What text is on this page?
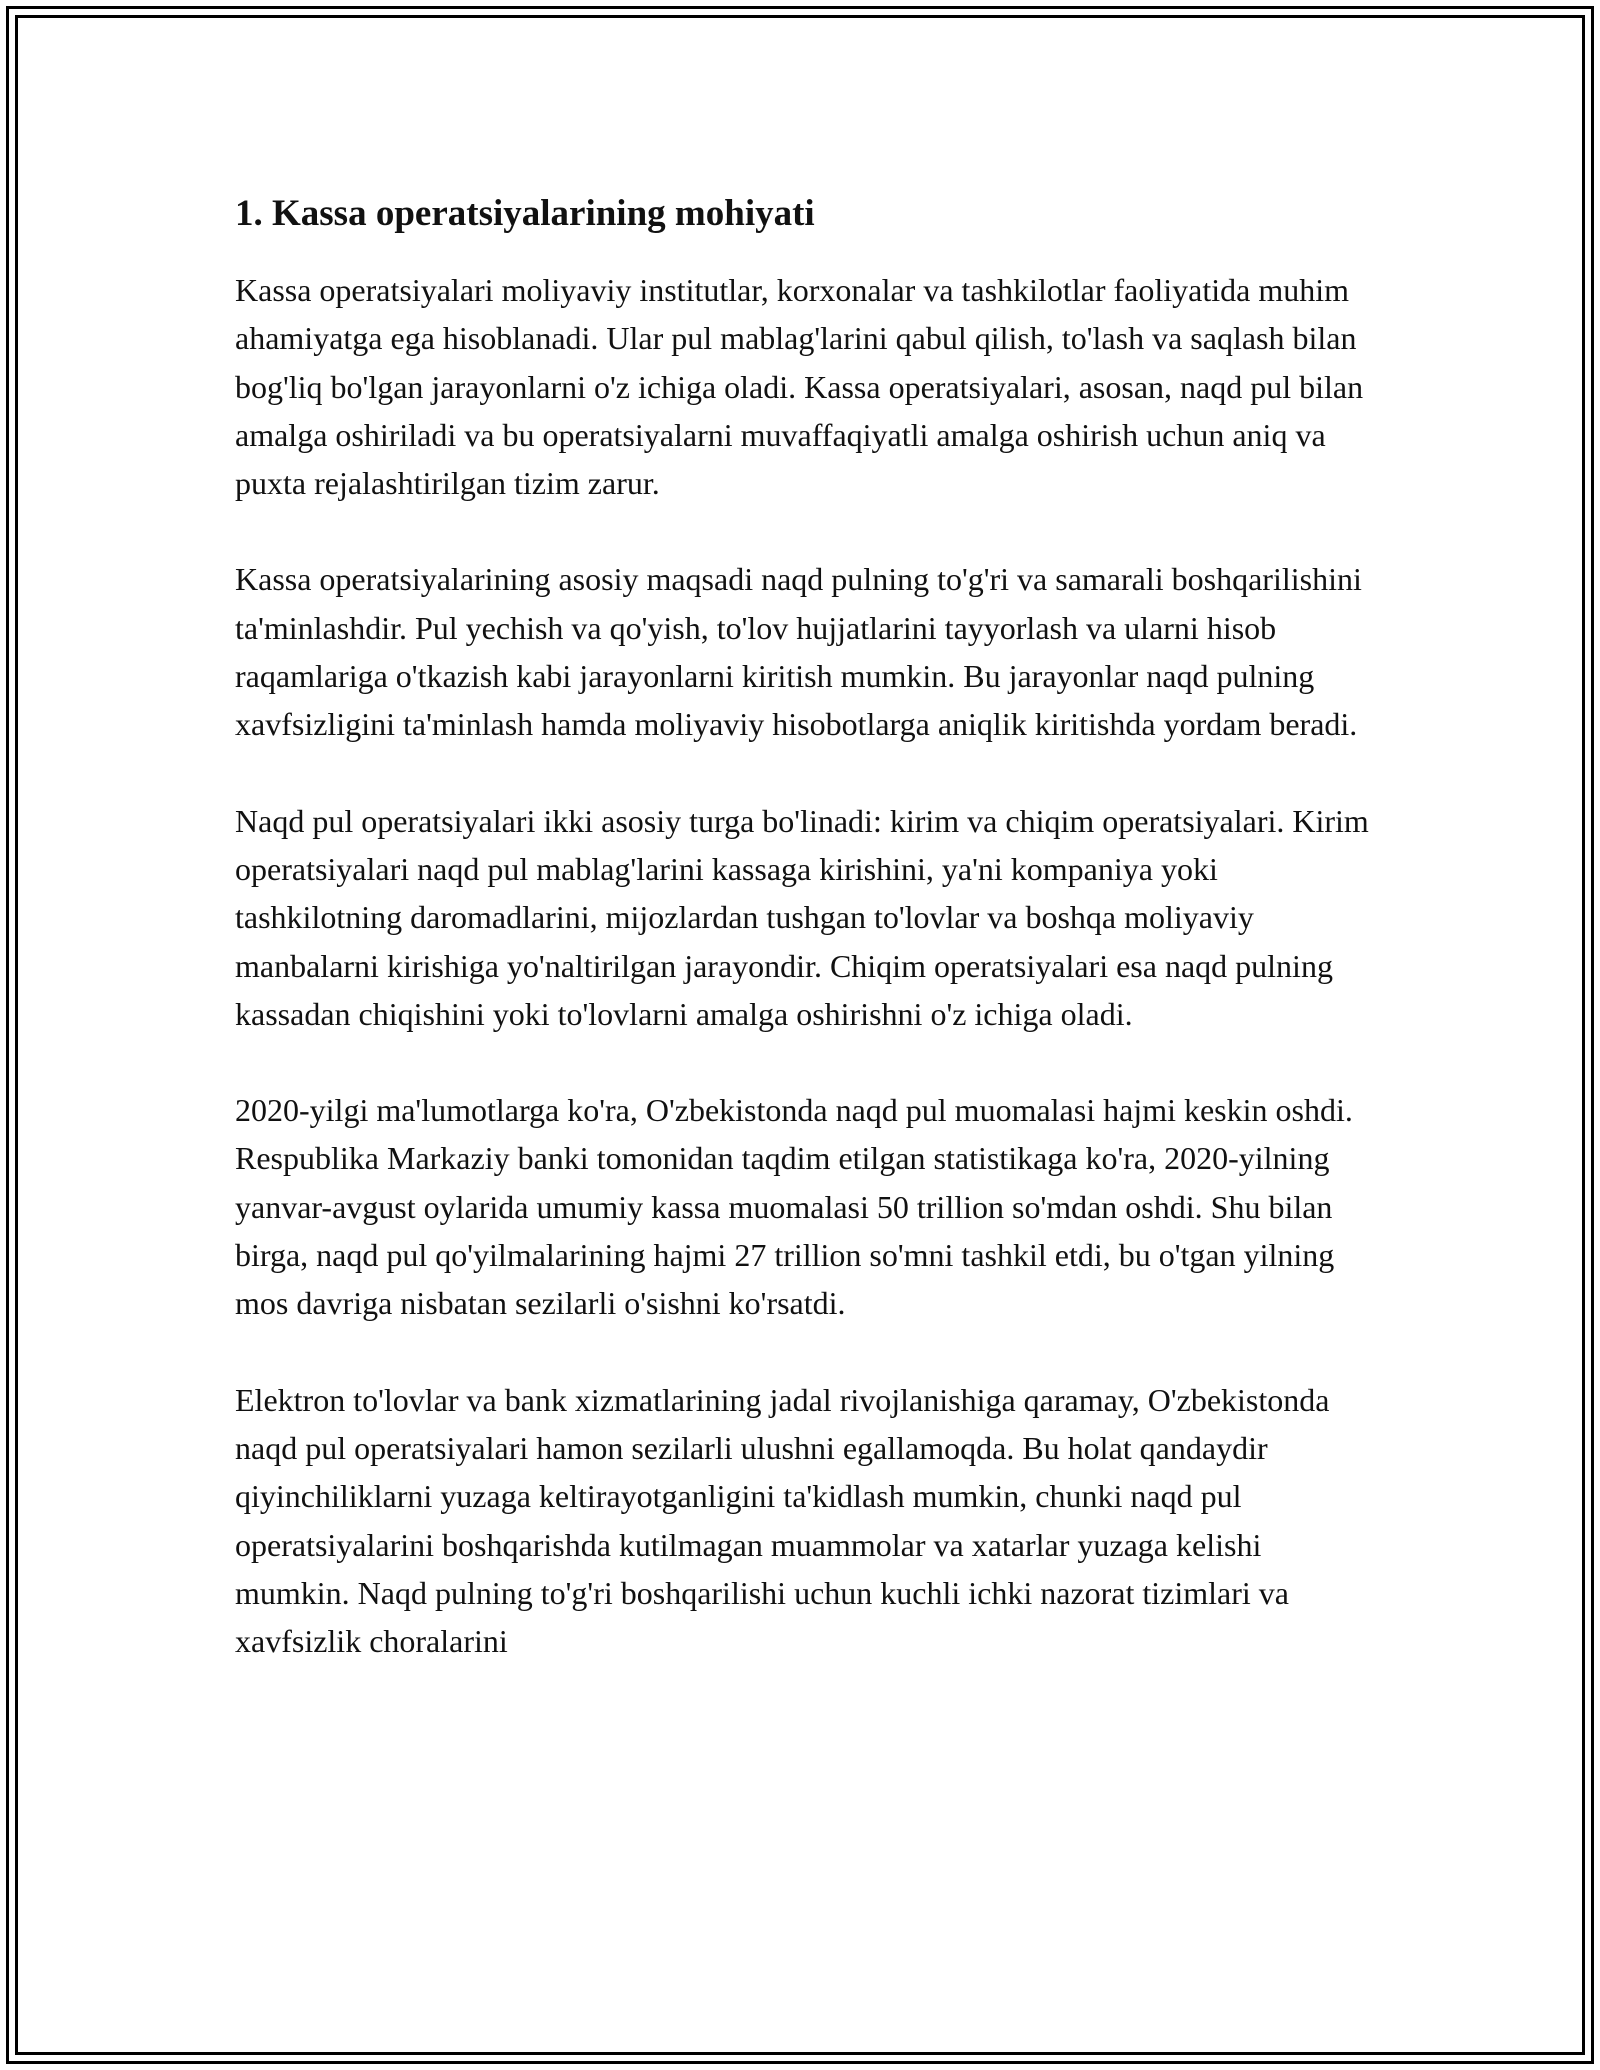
1. Kassa operatsiyalarining mohiyati

Kassa operatsiyalari moliyaviy institutlar, korxonalar va tashkilotlar faoliyatida muhim ahamiyatga ega hisoblanadi. Ular pul mablag'larini qabul qilish, to'lash va saqlash bilan bog'liq bo'lgan jarayonlarni o'z ichiga oladi. Kassa operatsiyalari, asosan, naqd pul bilan amalga oshiriladi va bu operatsiyalarni muvaffaqiyatli amalga oshirish uchun aniq va puxta rejalashtirilgan tizim zarur.

Kassa operatsiyalarining asosiy maqsadi naqd pulning to'g'ri va samarali boshqarilishini ta'minlashdir. Pul yechish va qo'yish, to'lov hujjatlarini tayyorlash va ularni hisob raqamlariga o'tkazish kabi jarayonlarni kiritish mumkin. Bu jarayonlar naqd pulning xavfsizligini ta'minlash hamda moliyaviy hisobotlarga aniqlik kiritishda yordam beradi.

Naqd pul operatsiyalari ikki asosiy turga bo'linadi: kirim va chiqim operatsiyalari. Kirim operatsiyalari naqd pul mablag'larini kassaga kirishini, ya'ni kompaniya yoki tashkilotning daromadlarini, mijozlardan tushgan to'lovlar va boshqa moliyaviy manbalarni kirishiga yo'naltirilgan jarayondir. Chiqim operatsiyalari esa naqd pulning kassadan chiqishini yoki to'lovlarni amalga oshirishni o'z ichiga oladi.

2020-yilgi ma'lumotlarga ko'ra, O'zbekistonda naqd pul muomalasi hajmi keskin oshdi. Respublika Markaziy banki tomonidan taqdim etilgan statistikaga ko'ra, 2020-yilning yanvar-avgust oylarida umumiy kassa muomalasi 50 trillion so'mdan oshdi. Shu bilan birga, naqd pul qo'yilmalarining hajmi 27 trillion so'mni tashkil etdi, bu o'tgan yilning mos davriga nisbatan sezilarli o'sishni ko'rsatdi.

Elektron to'lovlar va bank xizmatlarining jadal rivojlanishiga qaramay, O'zbekistonda naqd pul operatsiyalari hamon sezilarli ulushni egallamoqda. Bu holat qandaydir qiyinchiliklarni yuzaga keltirayotganligini ta'kidlash mumkin, chunki naqd pul operatsiyalarini boshqarishda kutilmagan muammolar va xatarlar yuzaga kelishi mumkin. Naqd pulning to'g'ri boshqarilishi uchun kuchli ichki nazorat tizimlari va xavfsizlik choralarini
